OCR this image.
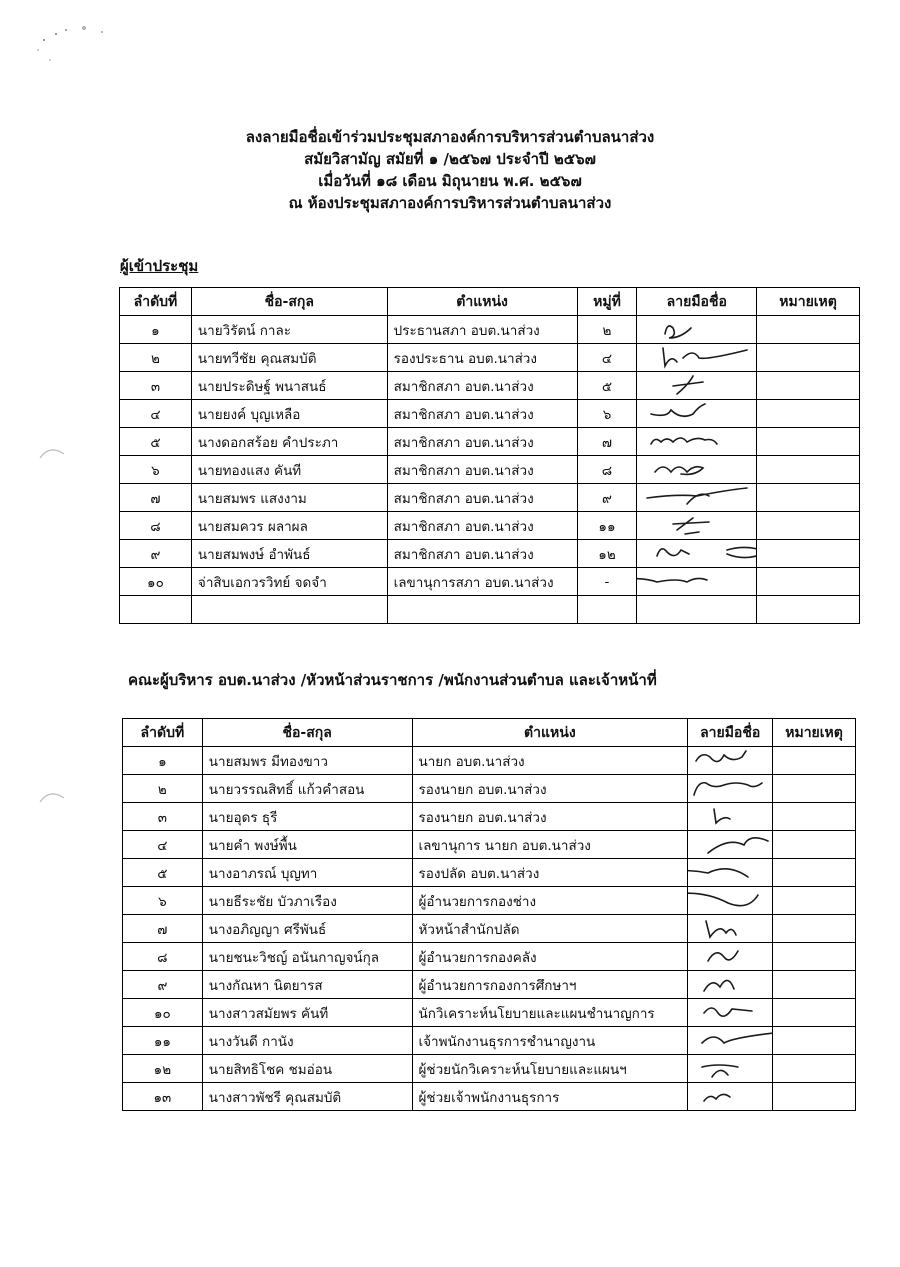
ลงลายมือชื่อเข้าร่วมประชุมสภาองค์การบริหารส่วนตำบลนาส่วง
สมัยวิสามัญ สมัยที่ ๑ /๒๕๖๗ ประจำปี ๒๕๖๗
เมื่อวันที่ ๑๘ เดือน มิถุนายน พ.ศ. ๒๕๖๗
ณ ห้องประชุมสภาองค์การบริหารส่วนตำบลนาส่วง
ผู้เข้าประชุม
ลำดับที่	ชื่อ-สกุล	ตำแหน่ง	หมู่ที่	ลายมือชื่อ	หมายเหตุ
๑	นายวิรัตน์ กาละ	ประธานสภา อบต.นาส่วง	๒	

๒	นายทวีชัย คุณสมบัติ	รองประธาน อบต.นาส่วง	๔	

๓	นายประดิษฐ์ พนาสนธ์	สมาชิกสภา อบต.นาส่วง	๕	

๔	นายยงค์ บุญเหลือ	สมาชิกสภา อบต.นาส่วง	๖	

๕	นางดอกสร้อย คำประภา	สมาชิกสภา อบต.นาส่วง	๗	

๖	นายทองแสง คันที	สมาชิกสภา อบต.นาส่วง	๘	

๗	นายสมพร แสงงาม	สมาชิกสภา อบต.นาส่วง	๙	

๘	นายสมควร ผลาผล	สมาชิกสภา อบต.นาส่วง	๑๑	

๙	นายสมพงษ์ อำพันธ์	สมาชิกสภา อบต.นาส่วง	๑๒	

๑๐	จ่าสิบเอกวรวิทย์ จดจำ	เลขานุการสภา อบต.นาส่วง	-	

คณะผู้บริหาร อบต.นาส่วง /หัวหน้าส่วนราชการ /พนักงานส่วนตำบล และเจ้าหน้าที่
ลำดับที่	ชื่อ-สกุล	ตำแหน่ง	ลายมือชื่อ	หมายเหตุ
๑	นายสมพร มีทองขาว	นายก อบต.นาส่วง	

๒	นายวรรณสิทธิ์ แก้วคำสอน	รองนายก อบต.นาส่วง	

๓	นายอุดร ธุรี	รองนายก อบต.นาส่วง	

๔	นายคำ พงษ์พื้น	เลขานุการ นายก อบต.นาส่วง	

๕	นางอาภรณ์ บุญทา	รองปลัด อบต.นาส่วง	

๖	นายธีระชัย บัวภาเรือง	ผู้อำนวยการกองช่าง	

๗	นางอภิญญา ศรีพันธ์	หัวหน้าสำนักปลัด	

๘	นายชนะวิชญ์ อนันกาญจน์กุล	ผู้อำนวยการกองคลัง	

๙	นางกัณหา นิตยารส	ผู้อำนวยการกองการศึกษาฯ	

๑๐	นางสาวสมัยพร คันที	นักวิเคราะห์นโยบายและแผนชำนาญการ	

๑๑	นางวันดี กานัง	เจ้าพนักงานธุรการชำนาญงาน	

๑๒	นายสิทธิโชค ชมอ่อน	ผู้ช่วยนักวิเคราะห์นโยบายและแผนฯ	

๑๓	นางสาวพัชรี คุณสมบัติ	ผู้ช่วยเจ้าพนักงานธุรการ	
